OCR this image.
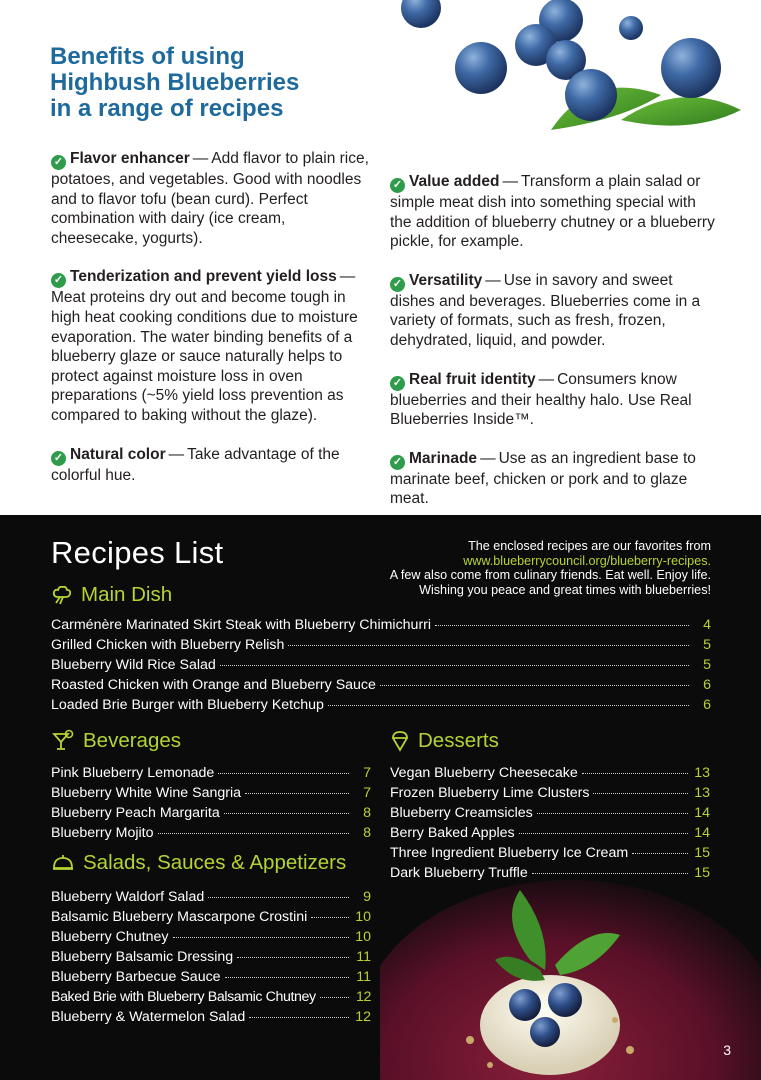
Benefits of using
Highbush Blueberries
in a range of recipes

✓ Flavor enhancer — Add flavor to plain rice, potatoes, and vegetables. Good with noodles and to flavor tofu (bean curd). Perfect combination with dairy (ice cream, cheesecake, yogurts).

✓ Tenderization and prevent yield loss —Meat proteins dry out and become tough in high heat cooking conditions due to moisture evaporation. The water binding benefits of a blueberry glaze or sauce naturally helps to protect against moisture loss in oven preparations (~5% yield loss prevention as compared to baking without the glaze).

✓ Natural color — Take advantage of the colorful hue.

✓ Value added — Transform a plain salad or simple meat dish into something special with the addition of blueberry chutney or a blueberry pickle, for example.

✓ Versatility — Use in savory and sweet dishes and beverages. Blueberries come in a variety of formats, such as fresh, frozen, dehydrated, liquid, and powder.

✓ Real fruit identity — Consumers know blueberries and their healthy halo. Use Real Blueberries Inside™.

✓ Marinade — Use as an ingredient base to marinate beef, chicken or pork and to glaze meat.

Recipes List	The enclosed recipes are our favorites from
www.blueberrycouncil.org/blueberry-recipes.
A few also come from culinary friends. Eat well. Enjoy life.
Wishing you peace and great times with blueberries!
Main Dish
Carménère Marinated Skirt Steak with Blueberry Chimichurri	4
Grilled Chicken with Blueberry Relish	5
Blueberry Wild Rice Salad	5
Roasted Chicken with Orange and Blueberry Sauce	6
Loaded Brie Burger with Blueberry Ketchup	6
Beverages
Pink Blueberry Lemonade	7
Blueberry White Wine Sangria	7
Blueberry Peach Margarita	8
Blueberry Mojito	8
Salads, Sauces & Appetizers
Blueberry Waldorf Salad	9
Balsamic Blueberry Mascarpone Crostini	10
Blueberry Chutney	10
Blueberry Balsamic Dressing	11
Blueberry Barbecue Sauce	11
Baked Brie with Blueberry Balsamic Chutney	12
Blueberry & Watermelon Salad	12
Desserts
Vegan Blueberry Cheesecake	13
Frozen Blueberry Lime Clusters	13
Blueberry Creamsicles	14
Berry Baked Apples	14
Three Ingredient Blueberry Ice Cream	15
Dark Blueberry Truffle	15
3
